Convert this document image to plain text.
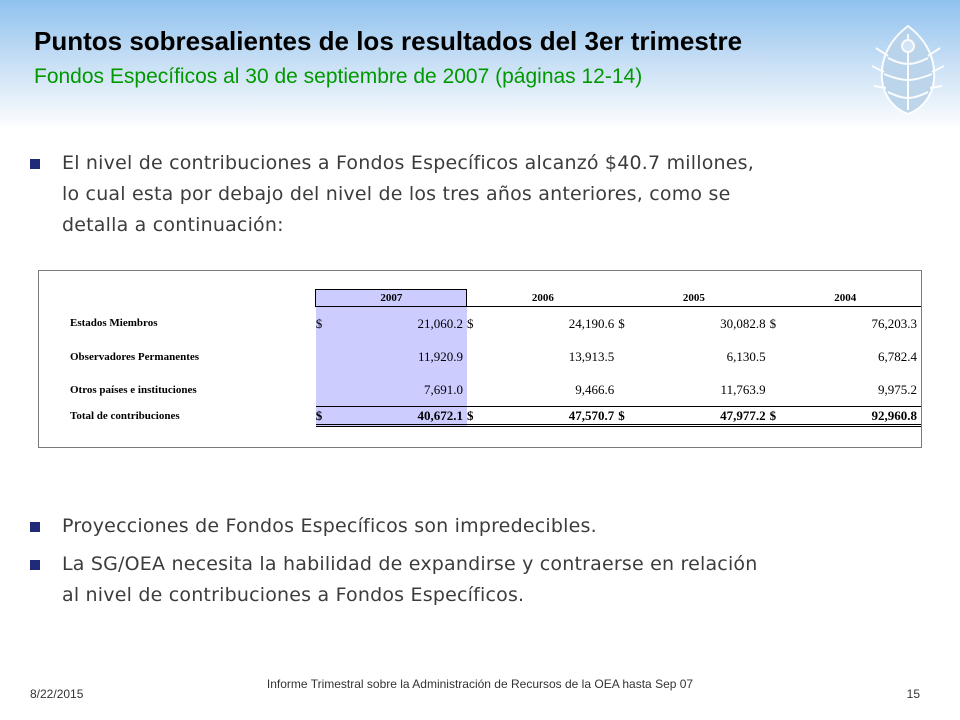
Puntos sobresalientes de los resultados del 3er trimestre
Fondos Específicos al 30 de septiembre de 2007 (páginas 12-14)
El nivel de contribuciones a Fondos Específicos alcanzó $40.7 millones,
lo cual esta por debajo del nivel de los tres años anteriores, como se
detalla a continuación:
	2007		2006		2005		2004	
Estados Miembros	$	21,060.2	$	24,190.6	$	30,082.8	$	76,203.3
Observadores Permanentes		11,920.9		13,913.5		6,130.5		6,782.4
Otros países e instituciones		7,691.0		9,466.6		11,763.9		9,975.2
Total de contribuciones	$	40,672.1	$	47,570.7	$	47,977.2	$	92,960.8
Proyecciones de Fondos Específicos son impredecibles.
La SG/OEA necesita la habilidad de expandirse y contraerse en relación
al nivel de contribuciones a Fondos Específicos.
8/22/2015
Informe Trimestral sobre la Administración de Recursos de la OEA hasta Sep 07
15
